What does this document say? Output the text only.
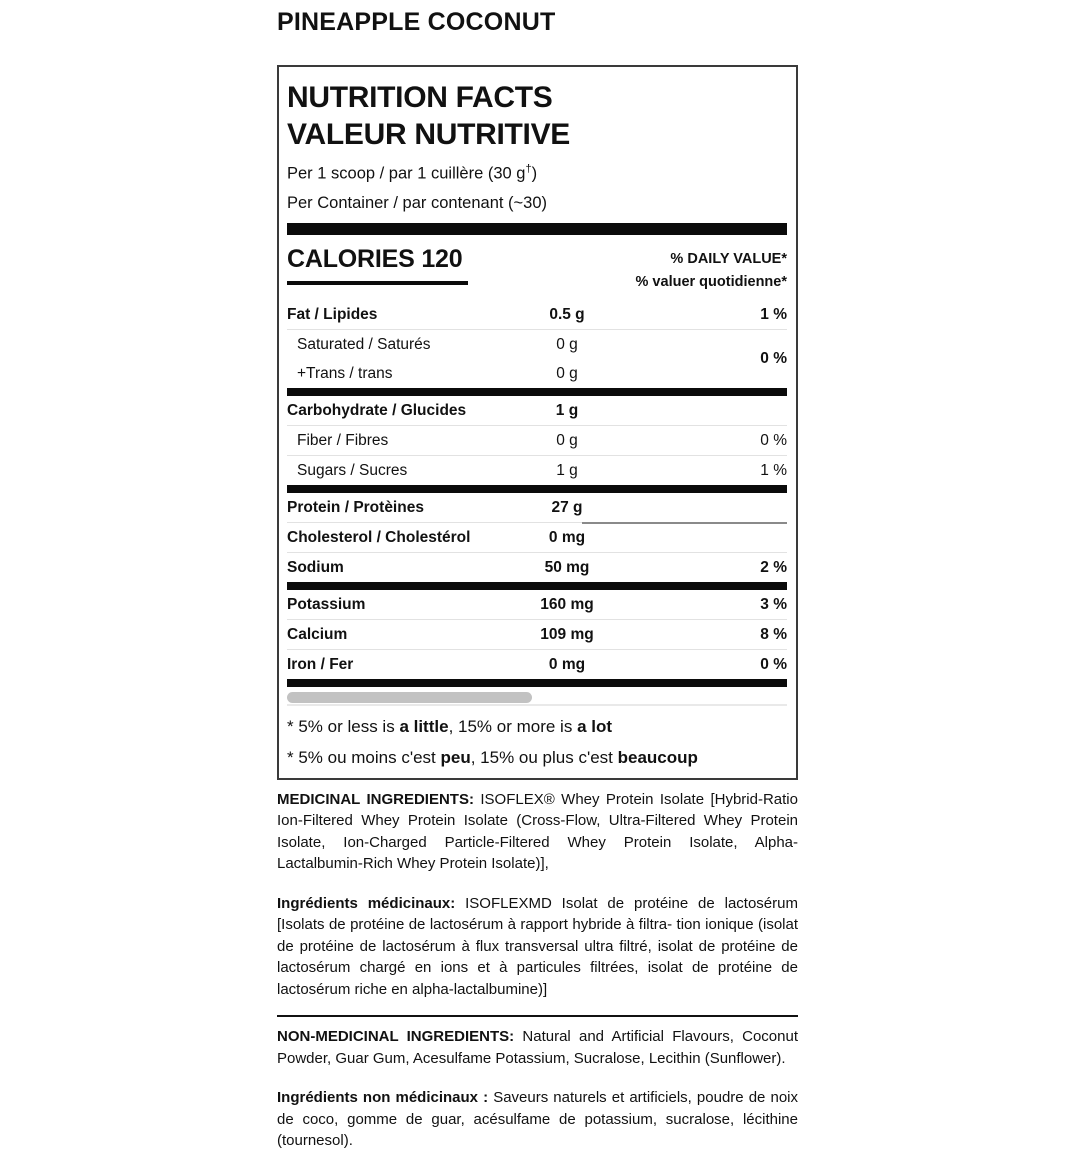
PINEAPPLE COCONUT
NUTRITION FACTS
VALEUR NUTRITIVE
Per 1 scoop / par 1 cuillère (30 g†)
Per Container / par contenant (~30)
CALORIES 120	% DAILY VALUE*
% valuer quotidienne*
Fat / Lipides	0.5 g	1 %
Saturated / Saturés	0 g
+Trans / trans	0 g
0 %
Carbohydrate / Glucides	1 g
Fiber / Fibres	0 g	0 %
Sugars / Sucres	1 g	1 %
Protein / Protèines	27 g
Cholesterol / Cholestérol	0 mg
Sodium	50 mg	2 %
Potassium	160 mg	3 %
Calcium	109 mg	8 %
Iron / Fer	0 mg	0 %
* 5% or less is a little, 15% or more is a lot
* 5% ou moins c'est peu, 15% ou plus c'est beaucoup

MEDICINAL INGREDIENTS: ISOFLEX® Whey Protein Isolate [Hybrid-Ratio Ion-Filtered Whey Protein Isolate (Cross-Flow, Ultra-Filtered Whey Protein Isolate, Ion-Charged Particle-Filtered Whey Protein Isolate, Alpha-Lactalbumin-Rich Whey Protein Isolate)],

Ingrédients médicinaux: ISOFLEXMD Isolat de protéine de lactosérum [Isolats de protéine de lactosérum à rapport hybride à filtra- tion ionique (isolat de protéine de lactosérum à flux transversal ultra filtré, isolat de protéine de lactosérum chargé en ions et à particules filtrées, isolat de protéine de lactosérum riche en alpha-lactalbumine)]

NON-MEDICINAL INGREDIENTS: Natural and Artificial Flavours, Coconut Powder, Guar Gum, Acesulfame Potassium, Sucralose, Lecithin (Sunflower).

Ingrédients non médicinaux : Saveurs naturels et artificiels, poudre de noix de coco, gomme de guar, acésulfame de potassium, sucralose, lécithine (tournesol).
